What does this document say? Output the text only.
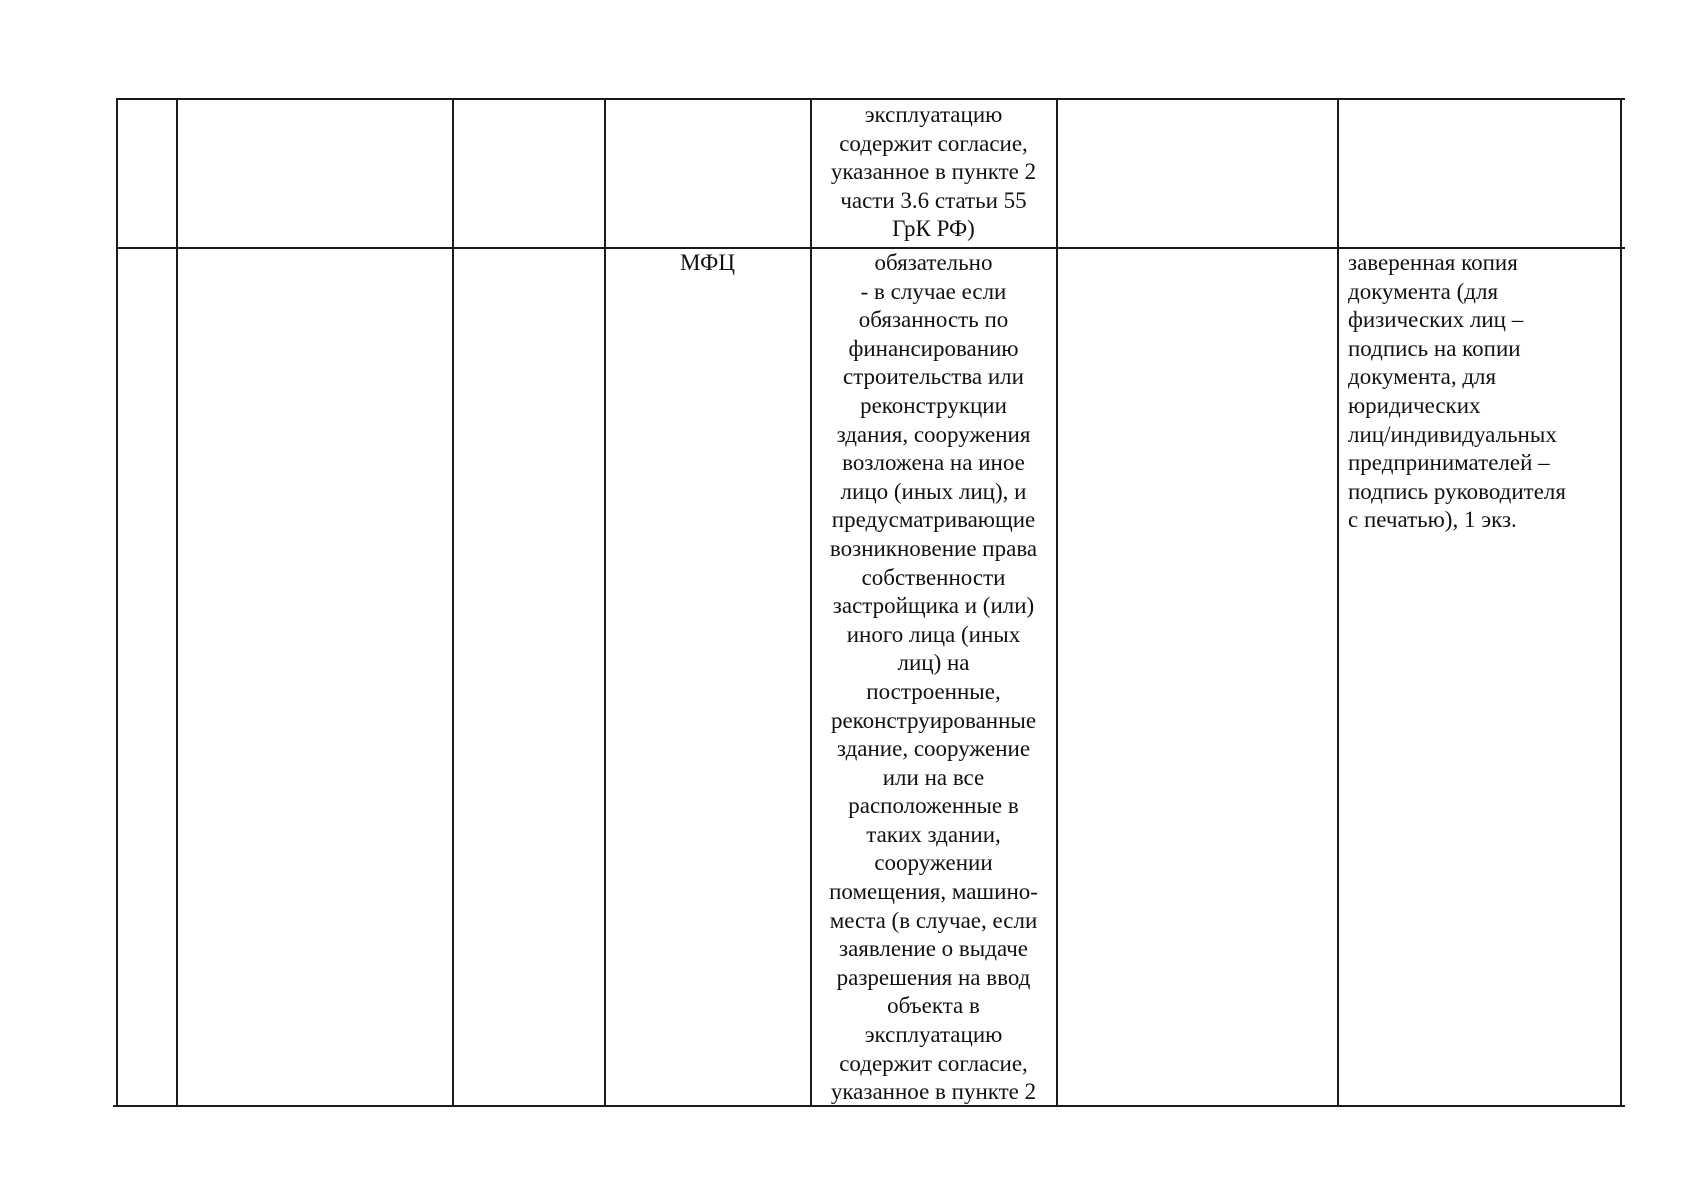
эксплуатацию
содержит согласие,
указанное в пункте 2
части 3.6 статьи 55
ГрК РФ)
МФЦ	обязательно
- в случае если
обязанность по
финансированию
строительства или
реконструкции
здания, сооружения
возложена на иное
лицо (иных лиц), и
предусматривающие
возникновение права
собственности
застройщика и (или)
иного лица (иных
лиц) на
построенные,
реконструированные
здание, сооружение
или на все
расположенные в
таких здании,
сооружении
помещения, машино-
места (в случае, если
заявление о выдаче
разрешения на ввод
объекта в
эксплуатацию
содержит согласие,
указанное в пункте 2
заверенная копия
документа (для
физических лиц –
подпись на копии
документа, для
юридических
лиц/индивидуальных
предпринимателей –
подпись руководителя
с печатью), 1 экз.
